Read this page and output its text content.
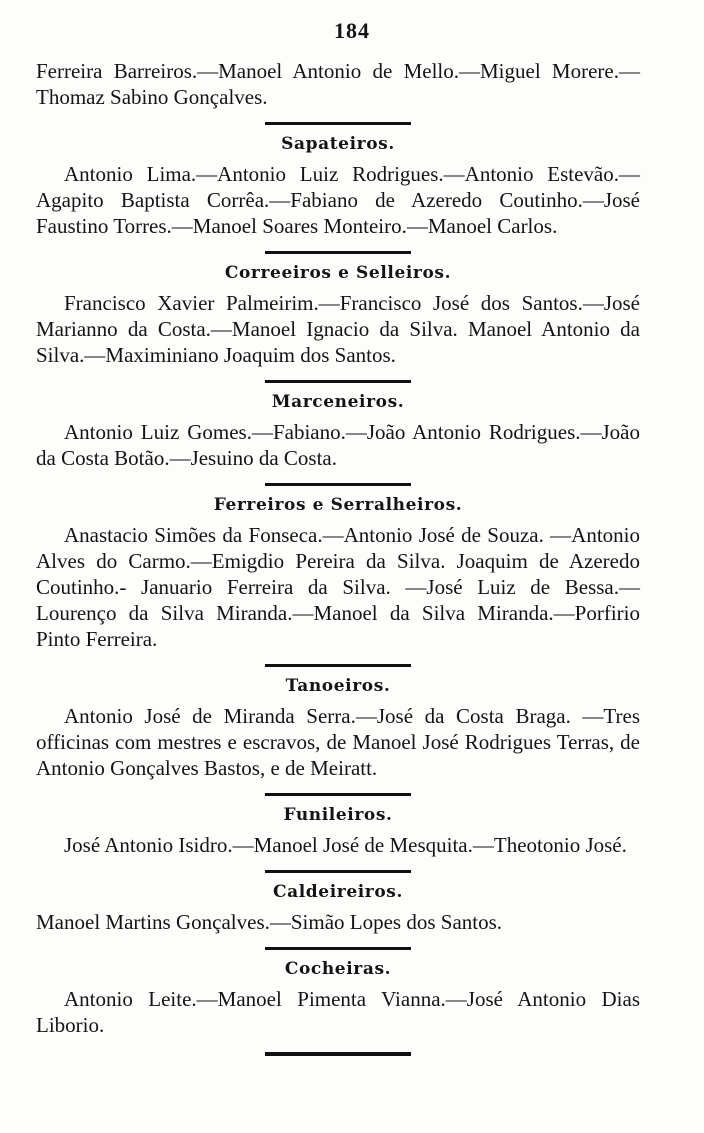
184

Ferreira Barreiros.—Manoel Antonio de Mello.—Miguel Morere.—Thomaz Sabino Gonçalves.

Sapateiros.

Antonio Lima.—Antonio Luiz Rodrigues.—Antonio Estevão.—Agapito Baptista Corrêa.—Fabiano de Azeredo Coutinho.—José Faustino Torres.—Manoel Soares Monteiro.—Manoel Carlos.

Correeiros e Selleiros.

Francisco Xavier Palmeirim.—Francisco José dos Santos.—José Marianno da Costa.—Manoel Ignacio da Silva. Manoel Antonio da Silva.—Maximiniano Joaquim dos Santos.

Marceneiros.

Antonio Luiz Gomes.—Fabiano.—João Antonio Rodrigues.—João da Costa Botão.—Jesuino da Costa.

Ferreiros e Serralheiros.

Anastacio Simões da Fonseca.—Antonio José de Souza. —Antonio Alves do Carmo.—Emigdio Pereira da Silva. Joaquim de Azeredo Coutinho.- Januario Ferreira da Silva. —José Luiz de Bessa.—Lourenço da Silva Miranda.—Manoel da Silva Miranda.—Porfirio Pinto Ferreira.

Tanoeiros.

Antonio José de Miranda Serra.—José da Costa Braga. —Tres officinas com mestres e escravos, de Manoel José Rodrigues Terras, de Antonio Gonçalves Bastos, e de Meiratt.

Funileiros.

José Antonio Isidro.—Manoel José de Mesquita.—Theotonio José.

Caldeireiros.

Manoel Martins Gonçalves.—Simão Lopes dos Santos.

Cocheiras.

Antonio Leite.—Manoel Pimenta Vianna.—José Antonio Dias Liborio.
